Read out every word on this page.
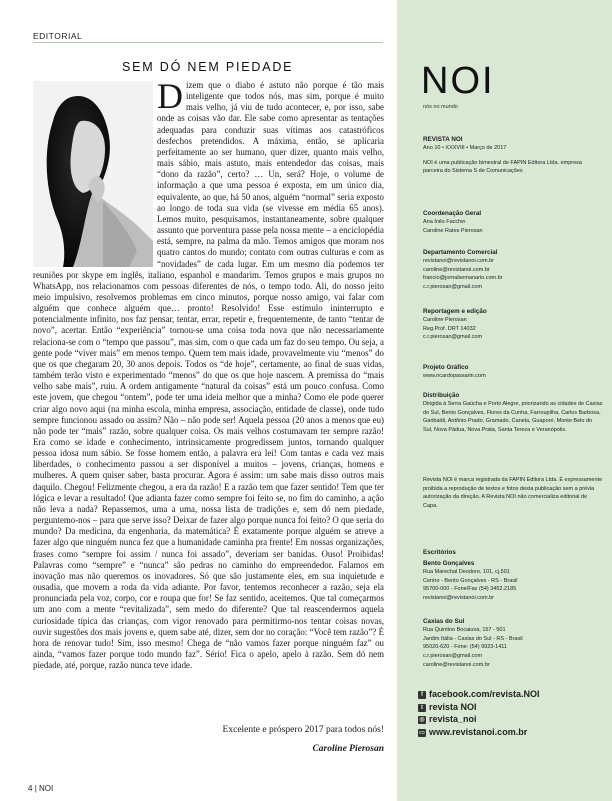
EDITORIAL
SEM DÓ NEM PIEDADE

Dizem que o diabo é astuto não porque é tão mais inteligente que todos nós, mas sim, porque é muito mais velho, já viu de tudo acontecer, e, por isso, sabe onde as coisas vão dar. Ele sabe como apresentar as tentações adequadas para conduzir suas vítimas aos catastróficos desfechos pretendidos. A máxima, então, se aplicaria perfeitamente ao ser humano, quer dizer, quanto mais velho, mais sábio, mais astuto, mais entendedor das coisas, mais “dono da razão”, certo? … Un, será? Hoje, o volume de informação a que uma pessoa é exposta, em um único dia, equivalente, ao que, há 50 anos, alguém “normal” seria exposto ao longo de toda sua vida (se vivesse em média 65 anos). Lemos muito, pesquisamos, instantaneamente, sobre qualquer assunto que porventura passe pela nossa mente – a enciclopédia está, sempre, na palma da mão. Temos amigos que moram nos quatro cantos do mundo; contato com outras culturas e com as “novidades” de cada lugar. Em um mesmo dia podemos ter reuniões por skype em inglês, italiano, espanhol e mandarim. Temos grupos e mais grupos no WhatsApp, nos relacionamos com pessoas diferentes de nós, o tempo todo. Ali, do nosso jeito meio impulsivo, resolvemos problemas em cinco minutos, porque nosso amigo, vai falar com alguém que conhece alguém que… pronto! Resolvido! Esse estímulo ininterrupto e potencialmente infinito, nos faz pensar, tentar, errar, repetir e, frequentemente, de tanto “tentar de novo”, acertar. Então “experiência” tornou-se uma coisa toda nova que não necessariamente relaciona-se com o “tempo que passou”, mas sim, com o que cada um faz do seu tempo. Ou seja, a gente pode “viver mais” em menos tempo. Quem tem mais idade, provavelmente viu “menos” do que os que chegaram 20, 30 anos depois. Todos os “de hoje”, certamente, ao final de suas vidas, também terão visto e experimentado “menos” do que os que hoje nascem. A premissa do “mais velho sabe mais”, ruiu. A ordem antigamente “natural da coisas” está um pouco confusa. Como este jovem, que chegou “ontem”, pode ter uma ideia melhor que a minha? Como ele pode querer criar algo novo aqui (na minha escola, minha empresa, associação, entidade de classe), onde tudo sempre funcionou assado ou assim? Não – não pode ser! Aquela pessoa (20 anos a menos que eu) não pode ter “mais” razão, sobre qualquer coisa. Os mais velhos costumavam ter sempre razão! Era como se idade e conhecimento, intrinsicamente progredissem juntos, tornando qualquer pessoa idosa num sábio. Se fosse homem então, a palavra era lei! Com tantas e cada vez mais liberdades, o conhecimento passou a ser disponível a muitos – jovens, crianças, homens e mulheres. A quem quiser saber, basta procurar. Agora é assim: um sabe mais disso outros mais daquilo. Chegou! Felizmente chegou, a era da razão! E a razão tem que fazer sentido! Tem que ter lógica e levar a resultado! Que adianta fazer como sempre foi feito se, no fim do caminho, a ação não leva a nada? Repassemos, uma a uma, nossa lista de tradições e, sem dó nem piedade, perguntemo-nos – para que serve isso? Deixar de fazer algo porque nunca foi feito? O que seria do mundo? Da medicina, da engenharia, da matemática? É exatamente porque alguém se atreve a fazer algo que ninguém nunca fez que a humanidade caminha pra frente! Em nossas organizações, frases como “sempre foi assim / nunca foi assado”, deveriam ser banidas. Ouso! Proibidas! Palavras como “sempre” e “nunca” são pedras no caminho do empreendedor. Falamos em inovação mas não queremos os inovadores. Só que são justamente eles, em sua inquietude e ousadia, que movem a roda da vida adiante. Por favor, tentemos reconhecer a razão, seja ela pronunciada pela voz, corpo, cor e roupa que for! Se faz sentido, aceitemos. Que tal começarmos um ano com a mente “revitalizada”, sem medo do diferente? Que tal reascendermos aquela curiosidade típica das crianças, com vigor renovado para permitirmo-nos tentar coisas novas, ouvir sugestões dos mais jovens e, quem sabe até, dizer, sem dor no coração: “Você tem razão”? É hora de renovar tudo! Sim, isso mesmo! Chega de “não vamos fazer porque ninguém faz” ou ainda, “vamos fazer porque todo mundo faz”. Sério! Fica o apelo, apelo à razão. Sem dó nem piedade, até, porque, razão nunca teve idade.

Excelente e próspero 2017 para todos nós!
Caroline Pierosan
4 | NOI
NOI
nós no mundo
REVISTA NOI
Ano 10 • XXXVIII • Março de 2017
NOI é uma publicação bimestral de FAPIN Editora Ltda. empresa parceira do Sistema S de Comunicações
Coordenação Geral
Ana Inês Facchin
Caroline Rates Pierosan
Departamento Comercial
revistanoi@revistanoi.com.br
caroline@revistanoi.com.br
francio@jornalsemanario.com.br
c.r.pierosan@gmail.com
Reportagem e edição
Caroline Pierosan
Reg.Prof. DRT 14032
c.r.pierosan@gmail.com
Projeto Gráfico
www.ricardopassarin.com
Distribuição
Dirigida à Serra Gaúcha e Porto Alegre, priorizando as cidades de Caxias do Sul, Bento Gonçalves, Flores da Cunha, Farroupilha, Carlos Barbosa, Garibaldi, Antônio Prado, Gramado, Canela, Guaporé, Monte Belo do Sul, Nova Pádua, Nova Prata, Santa Tereza e Veranópolis.
Revista NOI é marca registrada da FAPIN Editora Ltda. É expressamente proibida a reprodução de textos e fotos desta publicação sem a prévia autorização da direção. A Revista NOI não comercializa editorial de Capa.
Escritórios
Bento Gonçalves
Rua Marechal Deodoro, 101, cj.501
Centro - Bento Gonçalves - RS - Brasil
95700-000 - Fone/Fax (54) 3452.2185
revistanoi@revistanoi.com.br
Caxias do Sul
Rua Quintino Bocaiuva, 157 - 501
Jardim Itália - Caxias do Sul - RS - Brasil
95020-620 - Fone: (54) 9923-1411
c.r.pierosan@gmail.com
caroline@revistanoi.com.br
f facebook.com/revista.NOI
t revista NOI
◎ revista_noi
▭ www.revistanoi.com.br
